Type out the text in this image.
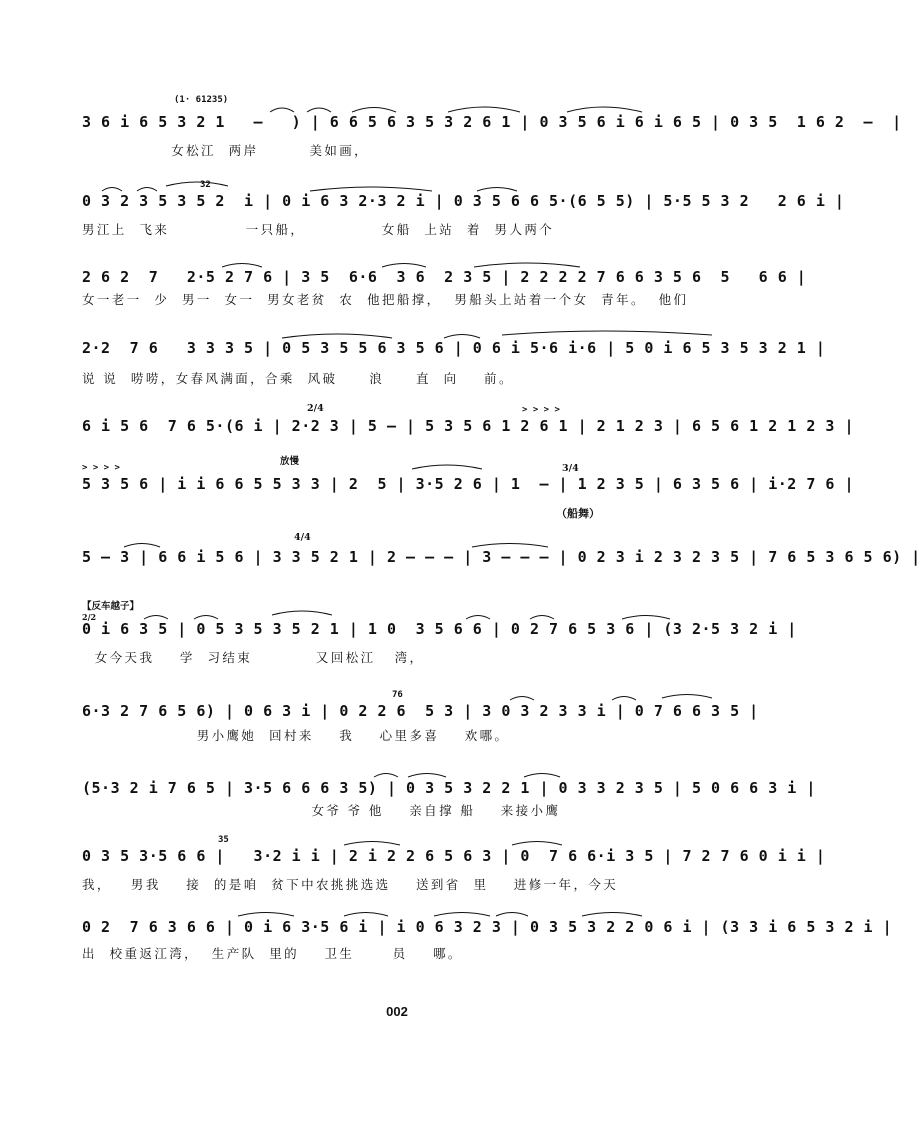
(1· 61235)
3 6 i 6 5 3 2 1   —   ) | 6 6 5 6 3 5 3 2 6 1 | 0 3 5 6 i 6 i 6 5 | 0 3 5  1 6 2  —  |
女松江  两岸        美如画，
32
0 3 2 3 5 3 5 2  i | 0 i 6 3 2·3 2 i | 0 3 5 6 6 5·(6 5 5) | 5·5 5 3 2   2 6 i |
男江上  飞来            一只船，            女船  上站  着  男人两个
2 6 2  7   2·5 2 7 6 | 3 5  6·6  3 6  2 3 5 | 2 2 2 2 7 6 6 3 5 6  5   6 6 |
女一老一  少  男一  女一  男女老贫  农  他把船撑，  男船头上站着一个女  青年。  他们
2·2  7 6   3 3 3 5 | 0 5 3 5 5 6 3 5 6 | 0 6 i 5·6 i·6 | 5 0 i 6 5 3 5 3 2 1 |
说 说  唠唠，女春风满面，合乘  风破     浪     直  向    前。
> > > >
6 i 5 6  7 6 5·(6 i | 2·2 3 | 5 — | 5 3 5 6 1 2 6 1 | 2 1 2 3 | 6 5 6 1 2 1 2 3 |
2/4
> > > >
放慢
3/4
5 3 5 6 | i i 6 6 5 5 3 3 | 2  5 | 3·5 2 6 | 1  — | 1 2 3 5 | 6 3 5 6 | i·2 7 6 |
（船舞）
4/4
5 — 3 | 6 6 i 5 6 | 3 3 5 2 1 | 2 — — — | 3 — — — | 0 2 3 i 2 3 2 3 5 | 7 6 5 3 6 5 6) |
【反车越子】
2/2
0 i 6 3 5 | 0 5 3 5 3 5 2 1 | 1 0  3 5 6 6 | 0 2 7 6 5 3 6 | (3 2·5 3 2 i |
女今天我    学  习结束          又回松江   湾，
76
6·3 2 7 6 5 6) | 0 6 3 i | 0 2 2 6  5 3 | 3 0 3 2 3 3 i | 0 7 6 6 3 5 |
男小鹰她  回村来    我    心里多喜    欢哪。
(5·3 2 i 7 6 5 | 3·5 6 6 6 3 5) | 0 3 5 3 2 2 1 | 0 3 3 2 3 5 | 5 0 6 6 3 i |
女爷 爷 他    亲自撑 船    来接小鹰
35
0 3 5 3·5 6 6 |   3·2 i i | 2 i 2 2 6 5 6 3 | 0  7 6 6·i 3 5 | 7 2 7 6 0 i i |
我，   男我    接  的是咱  贫下中农挑挑选选    送到省  里    进修一年，今天
0 2  7 6 3 6 6 | 0 i 6 3·5 6 i | i 0 6 3 2 3 | 0 3 5 3 2 2 0 6 i | (3 3 i 6 5 3 2 i |
出  校重返江湾，  生产队  里的    卫生      员    哪。
002
